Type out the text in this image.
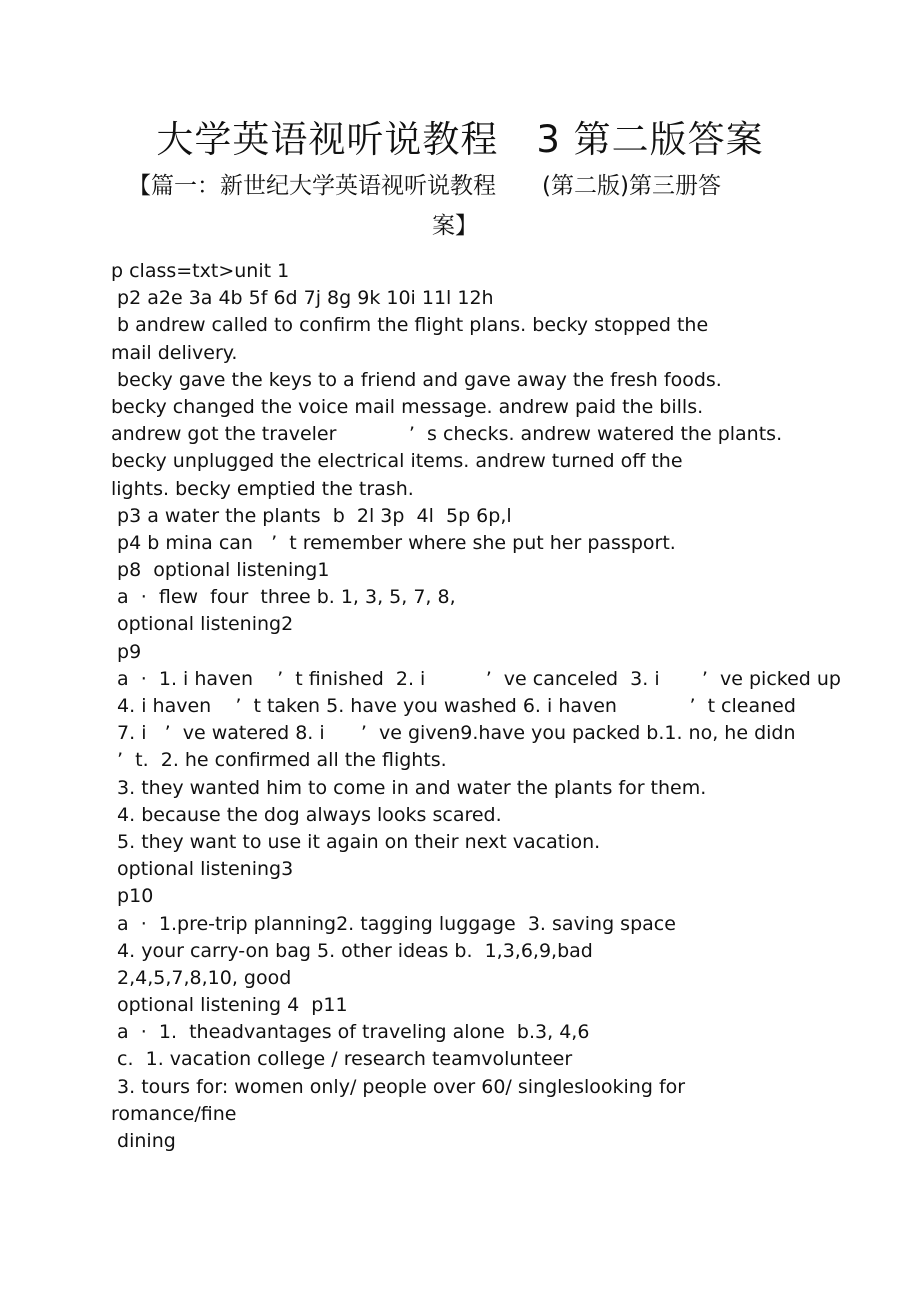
大学英语视听说教程　3 第二版答案
【篇一：新世纪大学英语视听说教程　　(第二版)第三册答
案】
p class=txt>unit 1
p2 a2e 3a 4b 5f 6d 7j 8g 9k 10i 11l 12h
b andrew called to confirm the flight plans. becky stopped the
mail delivery.
becky gave the keys to a friend and gave away the fresh foods.
becky changed the voice mail message. andrew paid the bills.
andrew got the traveler            ’  s checks. andrew watered the plants.
becky unplugged the electrical items. andrew turned off the
lights. becky emptied the trash.
p3 a water the plants  b  2l 3p  4l  5p 6p,l
p4 b mina can   ’  t remember where she put her passport.
p8  optional listening1
a  ·  flew  four  three b. 1, 3, 5, 7, 8,
optional listening2
p9
a  ·  1. i haven    ’  t finished  2. i          ’  ve canceled  3. i       ’  ve picked up
4. i haven    ’  t taken 5. have you washed 6. i haven            ’  t cleaned
7. i   ’  ve watered 8. i      ’  ve given9.have you packed b.1. no, he didn
’  t.  2. he confirmed all the flights.
3. they wanted him to come in and water the plants for them.
4. because the dog always looks scared.
5. they want to use it again on their next vacation.
optional listening3
p10
a  ·  1.pre-trip planning2. tagging luggage  3. saving space
4. your carry-on bag 5. other ideas b.  1,3,6,9,bad
2,4,5,7,8,10, good
optional listening 4  p11
a  ·  1.  theadvantages of traveling alone  b.3, 4,6
c.  1. vacation college / research teamvolunteer
3. tours for: women only/ people over 60/ singleslooking for
romance/fine
dining
